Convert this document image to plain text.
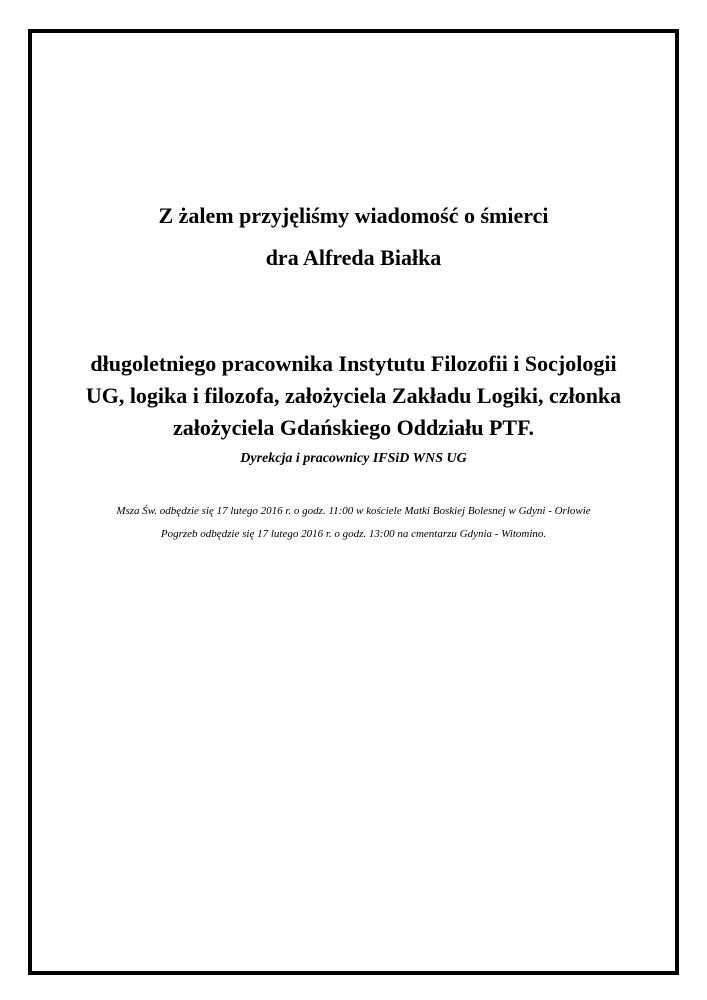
Z żalem przyjęliśmy wiadomość o śmierci

dra Alfreda Białka

długoletniego pracownika Instytutu Filozofii i Socjologii

UG, logika i filozofa, założyciela Zakładu Logiki, członka

założyciela Gdańskiego Oddziału PTF.

Dyrekcja i pracownicy IFSiD WNS UG

Msza Św. odbędzie się 17 lutego 2016 r. o godz. 11:00 w kościele Matki Boskiej Bolesnej w Gdyni - Orłowie

Pogrzeb odbędzie się 17 lutego 2016 r. o godz. 13:00 na cmentarzu Gdynia - Witomino.
